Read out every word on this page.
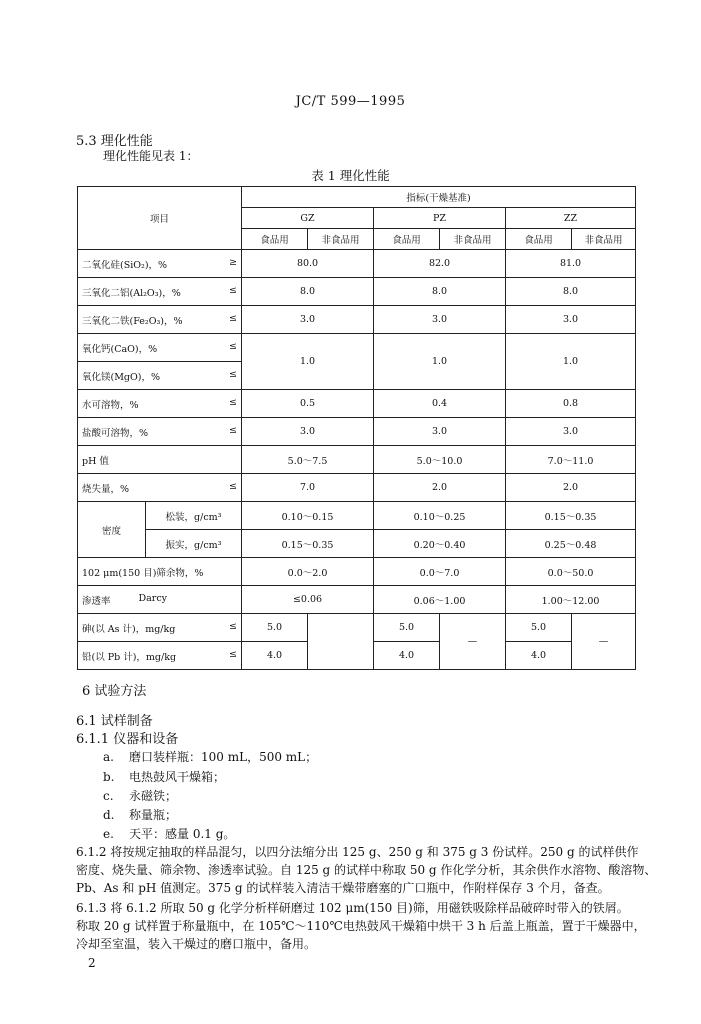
JC/T 599—1995
5.3 理化性能
理化性能见表 1：
表 1 理化性能
项目		指标(干燥基准)					
		GZ		PZ		ZZ	
		食品用	非食品用	食品用	非食品用	食品用	非食品用

二氧化硅(SiO₂)，% ≥		80.0		82.0		81.0	

三氧化二铝(Al₂O₃)，% ≤		8.0		8.0		8.0	

三氧化二铁(Fe₂O₃)，% ≤		3.0		3.0		3.0	

氧化钙(CaO)，% ≤		1.0		1.0		1.0	

氧化镁(MgO)，% ≤							

水可溶物，% ≤		0.5		0.4		0.8	

盐酸可溶物，% ≤		3.0		3.0		3.0	
pH 值		5.0～7.5		5.0～10.0		7.0～11.0	

烧失量，% ≤		7.0		2.0		2.0	
密度	松装，g/cm³	0.10～0.15		0.10～0.25		0.15～0.35	
	振实，g/cm³	0.15～0.35		0.20～0.40		0.25～0.48	
102 μm(150 目)筛余物，%		0.0～2.0		0.0～7.0		0.0～50.0	

渗透率 Darcy		≤0.06		0.06～1.00		1.00～12.00	

砷(以 As 计)，mg/kg ≤		5.0		5.0	—	5.0	—

铅(以 Pb 计)，mg/kg ≤		4.0		4.0		4.0	
6 试验方法
6.1 试样制备
6.1.1 仪器和设备
a. 磨口装样瓶：100 mL，500 mL；
b. 电热鼓风干燥箱；
c. 永磁铁；
d. 称量瓶；
e. 天平：感量 0.1 g。
6.1.2 将按规定抽取的样品混匀，以四分法缩分出 125 g、250 g 和 375 g 3 份试样。250 g 的试样供作
密度、烧失量、筛余物、渗透率试验。自 125 g 的试样中称取 50 g 作化学分析，其余供作水溶物、酸溶物、
Pb、As 和 pH 值测定。375 g 的试样装入清洁干燥带磨塞的广口瓶中，作附样保存 3 个月，备查。
6.1.3 将 6.1.2 所取 50 g 化学分析样研磨过 102 μm(150 目)筛，用磁铁吸除样品破碎时带入的铁屑。
称取 20 g 试样置于称量瓶中，在 105℃～110℃电热鼓风干燥箱中烘干 3 h 后盖上瓶盖，置于干燥器中，
冷却至室温，装入干燥过的磨口瓶中，备用。
2
